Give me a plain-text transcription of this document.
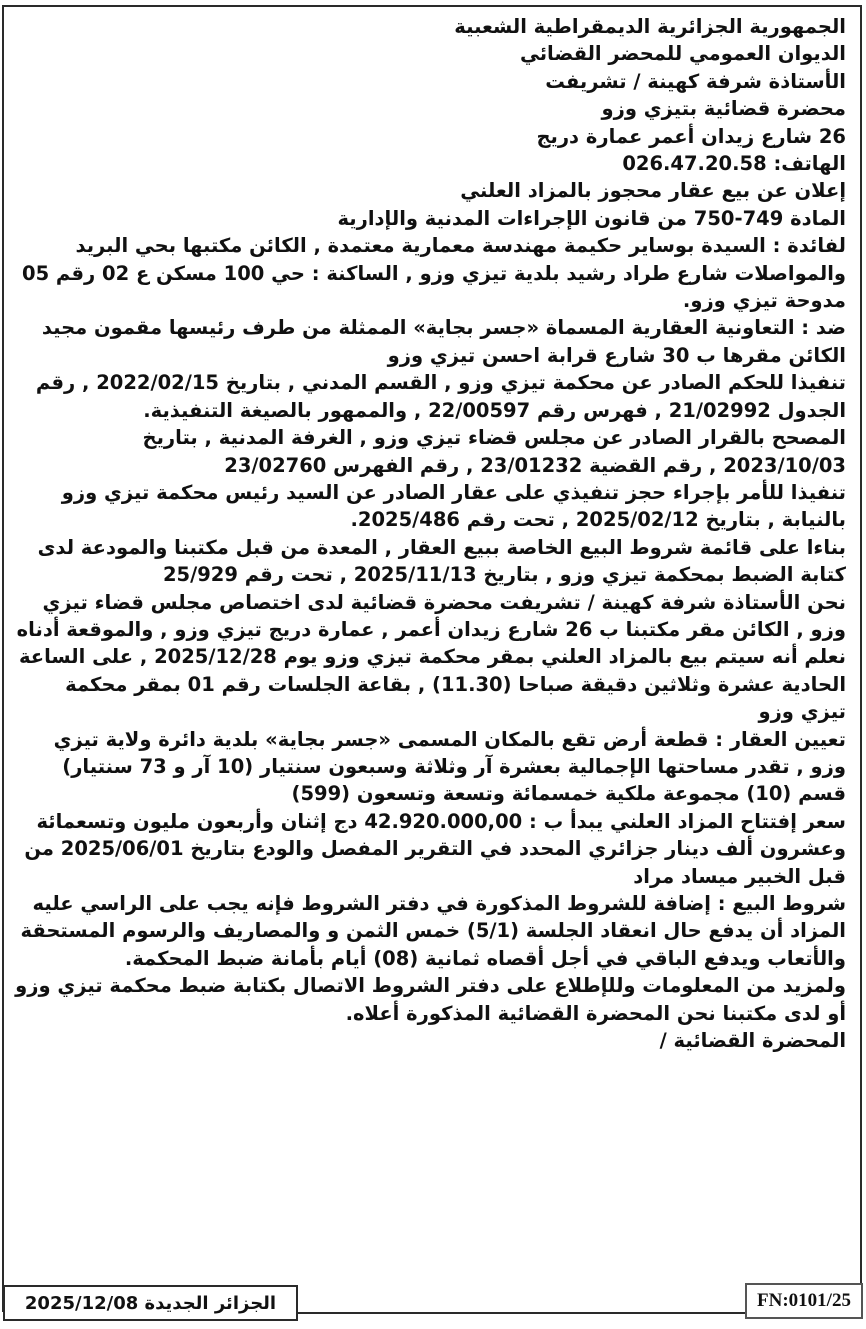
الجمهورية الجزائرية الديمقراطية الشعبية

الديوان العمومي للمحضر القضائي

الأستاذة شرفة كهينة / تشريفت

محضرة قضائية بتيزي وزو

26 شارع زيدان أعمر عمارة دريج

الهاتف: 026.47.20.58

إعلان عن بيع عقار محجوز بالمزاد العلني

المادة 749-750 من قانون الإجراءات المدنية والإدارية

لفائدة : السيدة بوساير حكيمة مهندسة معمارية معتمدة , الكائن مكتبها بحي البريد والمواصلات شارع طراد رشيد بلدية تيزي وزو , الساكنة : حي 100 مسكن ع 02 رقم 05 مدوحة تيزي وزو.

ضد : التعاونية العقارية المسماة «جسر بجاية» الممثلة من طرف رئيسها مقمون مجيد الكائن مقرها ب 30 شارع قرابة احسن تيزي وزو

تنفيذا للحكم الصادر عن محكمة تيزي وزو , القسم المدني , بتاريخ 2022/02/15 , رقم الجدول 21/02992 , فهرس رقم 22/00597 , والممهور بالصيغة التنفيذية.

المصحح بالقرار الصادر عن مجلس قضاء تيزي وزو , الغرفة المدنية , بتاريخ 2023/10/03 , رقم القضية 23/01232 , رقم الفهرس 23/02760

تنفيذا للأمر بإجراء حجز تنفيذي على عقار الصادر عن السيد رئيس محكمة تيزي وزو بالنيابة , بتاريخ 2025/02/12 , تحت رقم 2025/486.

بناءا على قائمة شروط البيع الخاصة ببيع العقار , المعدة من قبل مكتبنا والمودعة لدى كتابة الضبط بمحكمة تيزي وزو , بتاريخ 2025/11/13 , تحت رقم 25/929

نحن الأستاذة شرفة كهينة / تشريفت محضرة قضائية لدى اختصاص مجلس قضاء تيزي وزو , الكائن مقر مكتبنا ب 26 شارع زيدان أعمر , عمارة دريج تيزي وزو , والموقعة أدناه نعلم أنه سيتم بيع بالمزاد العلني بمقر محكمة تيزي وزو يوم 2025/12/28 , على الساعة الحادية عشرة وثلاثين دقيقة صباحا (11.30) , بقاعة الجلسات رقم 01 بمقر محكمة تيزي وزو

تعيين العقار : قطعة أرض تقع بالمكان المسمى «جسر بجاية» بلدية دائرة ولاية تيزي وزو , تقدر مساحتها الإجمالية بعشرة آر وثلاثة وسبعون سنتيار (10 آر و 73 سنتيار) قسم (10) مجموعة ملكية خمسمائة وتسعة وتسعون (599)

سعر إفتتاح المزاد العلني يبدأ ب : 42.920.000,00 دج إثنان وأربعون مليون وتسعمائة وعشرون ألف دينار جزائري المحدد في التقرير المفصل والودع بتاريخ 2025/06/01 من قبل الخبير ميساد مراد

شروط البيع : إضافة للشروط المذكورة في دفتر الشروط فإنه يجب على الراسي عليه المزاد أن يدفع حال انعقاد الجلسة (5/1) خمس الثمن و والمصاريف والرسوم المستحقة والأتعاب ويدفع الباقي في أجل أقصاه ثمانية (08) أيام بأمانة ضبط المحكمة.

ولمزيد من المعلومات وللإطلاع على دفتر الشروط الاتصال بكتابة ضبط محكمة تيزي وزو أو لدى مكتبنا نحن المحضرة القضائية المذكورة أعلاه.

المحضرة القضائية /

الجزائر الجديدة 2025/12/08	FN:0101/25
